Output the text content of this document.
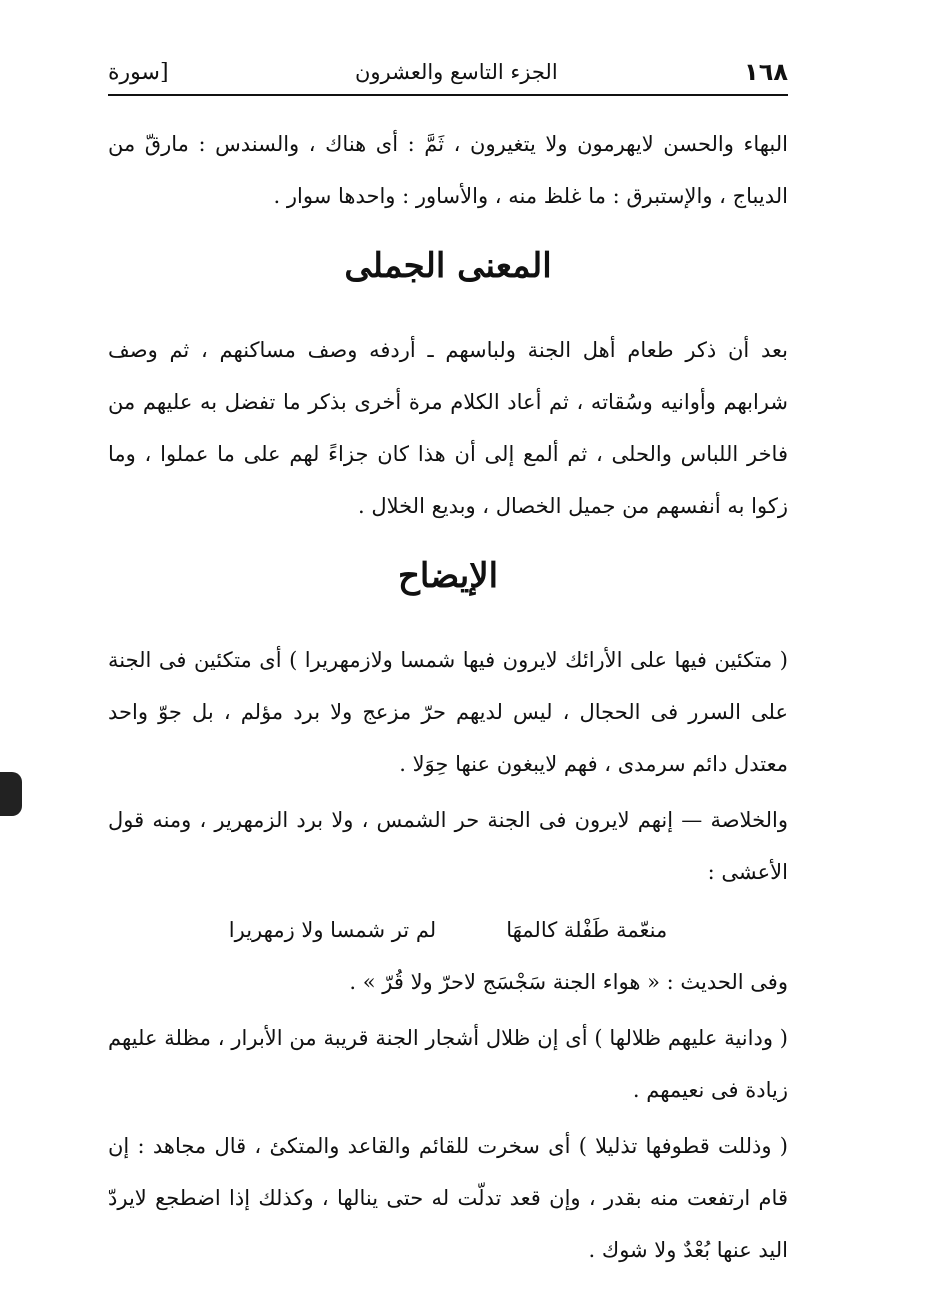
١٦٨
الجزء التاسع والعشرون
[سورة

البهاء والحسن لايهرمون ولا يتغيرون ، ثَمَّ : أى هناك ، والسندس : مارقّ من الديباج ، والإستبرق : ما غلظ منه ، والأساور : واحدها سوار .

المعنى الجملى

بعد أن ذكر طعام أهل الجنة ولباسهم ـ أردفه وصف مساكنهم ، ثم وصف شرابهم وأوانيه وسُقاته ، ثم أعاد الكلام مرة أخرى بذكر ما تفضل به عليهم من فاخر اللباس والحلى ، ثم ألمع إلى أن هذا كان جزاءً لهم على ما عملوا ، وما زكوا به أنفسهم من جميل الخصال ، وبديع الخلال .

الإيضاح

( متكئين فيها على الأرائك لايرون فيها شمسا ولازمهريرا ) أى متكئين فى الجنة على السرر فى الحجال ، ليس لديهم حرّ مزعج ولا برد مؤلم ، بل جوّ واحد معتدل دائم سرمدى ، فهم لايبغون عنها حِوَلا .

والخلاصة — إنهم لايرون فى الجنة حر الشمس ، ولا برد الزمهرير ، ومنه قول الأعشى :

منعّمة طَفْلة كالمهَا
لم تر شمسا ولا زمهريرا

وفى الحديث : « هواء الجنة سَجْسَج لاحرّ ولا قُرّ » .

( ودانية عليهم ظلالها ) أى إن ظلال أشجار الجنة قريبة من الأبرار ، مظلة عليهم زيادة فى نعيمهم .

( وذللت قطوفها تذليلا ) أى سخرت للقائم والقاعد والمتكئ ، قال مجاهد : إن قام ارتفعت منه بقدر ، وإن قعد تدلّت له حتى ينالها ، وكذلك إذا اضطجع لايردّ اليد عنها بُعْدٌ ولا شوك .
